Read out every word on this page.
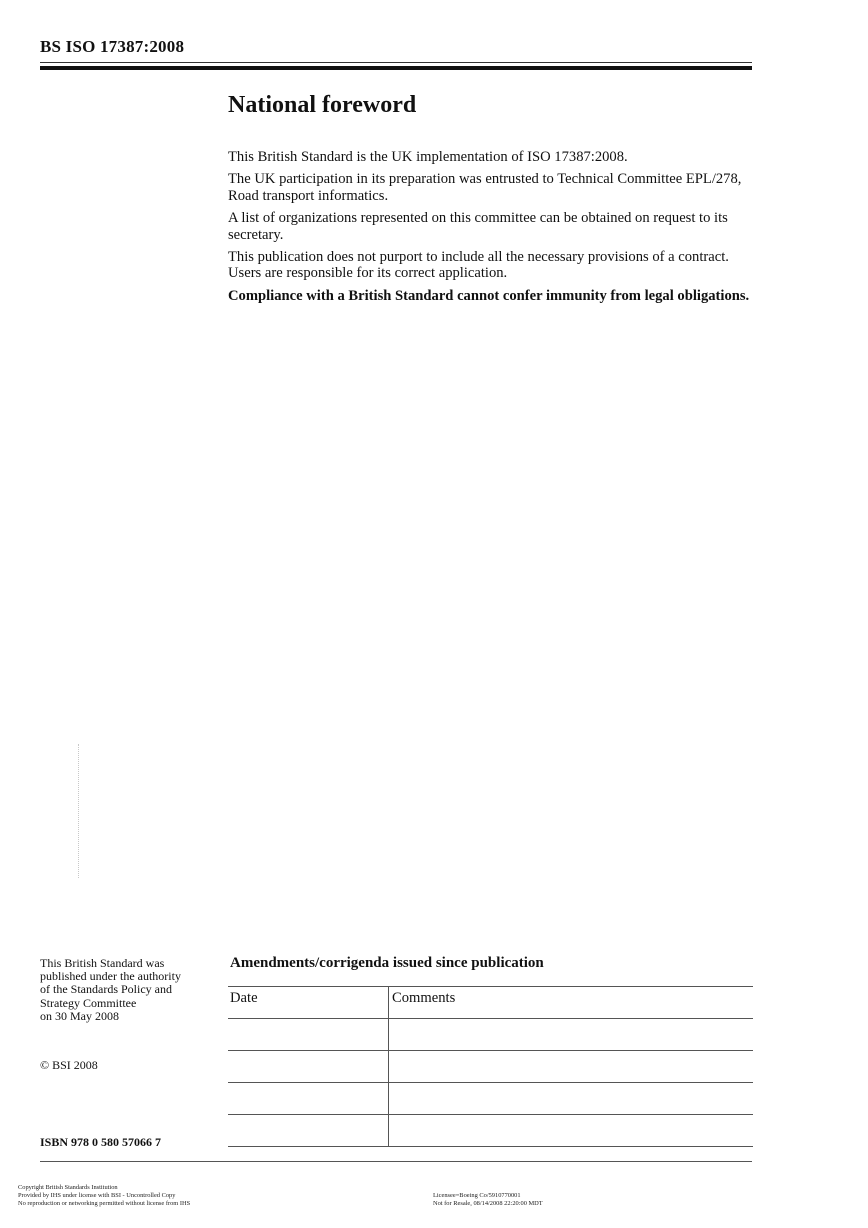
BS ISO 17387:2008
National foreword

This British Standard is the UK implementation of ISO 17387:2008.

The UK participation in its preparation was entrusted to Technical Committee EPL/278, Road transport informatics.

A list of organizations represented on this committee can be obtained on request to its secretary.

This publication does not purport to include all the necessary provisions of a contract. Users are responsible for its correct application.

Compliance with a British Standard cannot confer immunity from legal obligations.

This British Standard was
published under the authority
of the Standards Policy and
Strategy Committee
on 30 May 2008
© BSI 2008
ISBN 978 0 580 57066 7
Amendments/corrigenda issued since publication
Date	Comments

Copyright British Standards Institution
Provided by IHS under license with BSI - Uncontrolled Copy
No reproduction or networking permitted without license from IHS
Licensee=Boeing Co/5910770001
Not for Resale, 08/14/2008 22:20:00 MDT
